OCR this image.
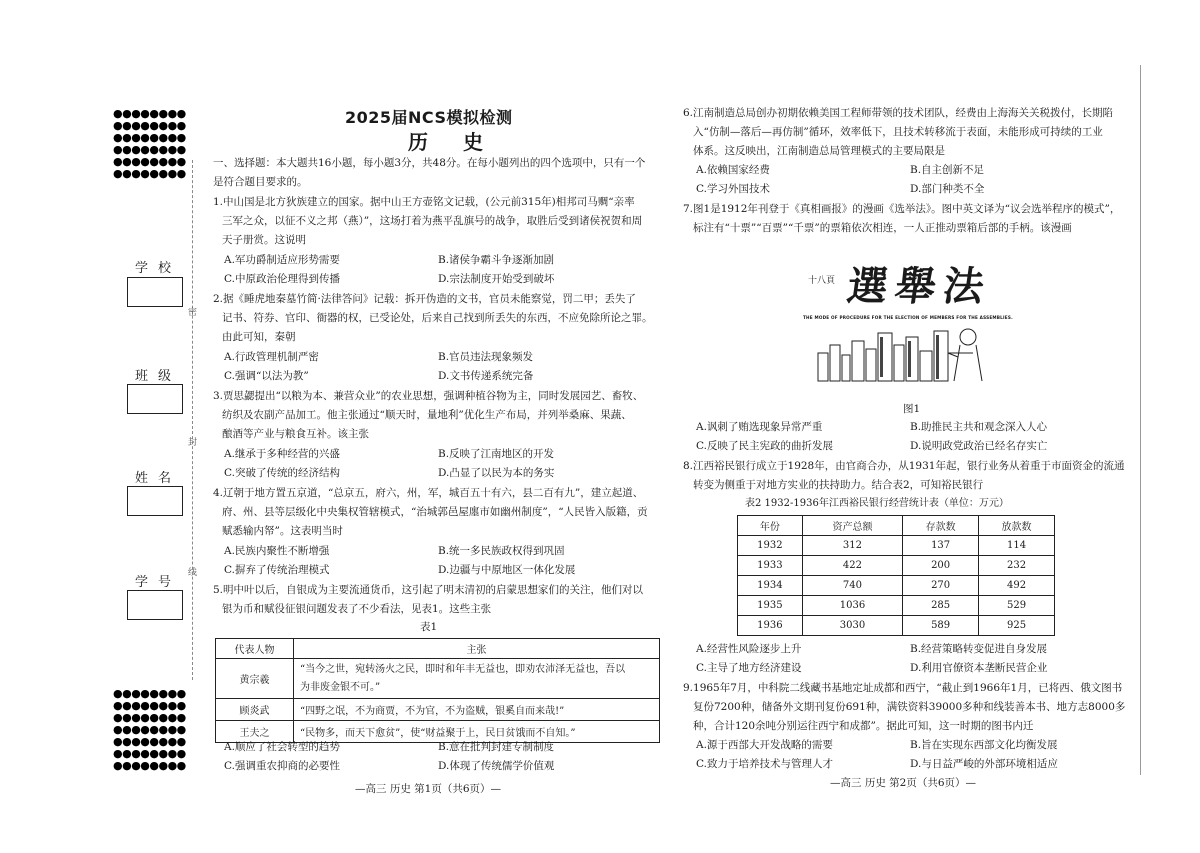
●●●●●●●●
●●●●●●●●
●●●●●●●●
●●●●●●●●
●●●●●●●●
●●●●●●●●
学校
班级
姓名
学号
密
封
线
●●●●●●●●
●●●●●●●●
●●●●●●●●
●●●●●●●●
●●●●●●●●
●●●●●●●●
●●●●●●●●
2025届NCS模拟检测
历 史
一、选择题：本大题共16小题，每小题3分，共48分。在每小题列出的四个选项中，只有一个
是符合题目要求的。
1.中山国是北方狄族建立的国家。据中山王方壶铭文记载，(公元前315年)相邦司马赒“亲率
三军之众，以征不义之邦（燕）”，这场打着为燕平乱旗号的战争，取胜后受到诸侯祝贺和周
天子册赏。这说明
A.军功爵制适应形势需要	B.诸侯争霸斗争逐渐加剧
C.中原政治伦理得到传播	D.宗法制度开始受到破坏
2.据《睡虎地秦墓竹简·法律答问》记载：拆开伪造的文书，官员未能察觉，罚二甲；丢失了
记书、符券、官印、衙器的权，已受论处，后来自己找到所丢失的东西，不应免除所论之罪。
由此可知，秦朝
A.行政管理机制严密	B.官员违法现象频发
C.强调“以法为教”	D.文书传递系统完备
3.贾思勰提出“以粮为本、兼营众业”的农业思想，强调种植谷物为主，同时发展园艺、畜牧、
纺织及农副产品加工。他主张通过“顺天时，量地利”优化生产布局，并列举桑麻、果蔬、
酿酒等产业与粮食互补。该主张
A.继承于多种经营的兴盛	B.反映了江南地区的开发
C.突破了传统的经济结构	D.凸显了以民为本的务实
4.辽朝于地方置五京道，“总京五，府六，州，军，城百五十有六，县二百有九”，建立起道、
府、州、县等层级化中央集权管辖模式，“治城郭邑屋廛市如幽州制度”，“人民皆入版籍，贡
赋悉输内帑”。这表明当时
A.民族内聚性不断增强	B.统一多民族政权得到巩固
C.摒弃了传统治理模式	D.边疆与中原地区一体化发展
5.明中叶以后，自银成为主要流通货币，这引起了明末清初的启蒙思想家们的关注，他们对以
银为币和赋役征银问题发表了不少看法，见表1。这些主张
表1
代表人物	主张
黄宗羲	“当今之世，宛转汤火之民，即时和年丰无益也，即劝农沛泽无益也，吾以
为非废金银不可。”

顾炎武	“四野之氓，不为商贾，不为官，不为盗贼，银奚自而来哉!”
王夫之	“民物多，而天下愈贫”，使“财益聚于上，民日贫饿而不自知。”
A.顺应了社会转型的趋势	B.意在批判封建专制制度
C.强调重农抑商的必要性	D.体现了传统儒学价值观
—高三 历史 第1页（共6页）—
6.江南制造总局创办初期依赖美国工程师带领的技术团队，经费由上海海关关税拨付，长期陷
入“仿制—落后—再仿制”循环，效率低下，且技术转移流于表面，未能形成可持续的工业
体系。这反映出，江南制造总局管理模式的主要局限是
A.依赖国家经费	B.自主创新不足
C.学习外国技术	D.部门种类不全
7.图1是1912年刊登于《真相画报》的漫画《选举法》。图中英文译为“议会选举程序的模式”，
标注有“十票”“百票”“千票”的票箱依次相连，一人正推动票箱后部的手柄。该漫画
十八頁 選舉法
THE MODE OF PROCEDURE FOR THE ELECTION OF MEMBERS FOR THE ASSEMBLIES.
图1
A.讽刺了贿选现象异常严重	B.助推民主共和观念深入人心
C.反映了民主宪政的曲折发展	D.说明政党政治已经名存实亡
8.江西裕民银行成立于1928年，由官商合办，从1931年起，银行业务从着重于市面资金的流通
转变为侧重于对地方实业的扶持助力。结合表2，可知裕民银行
表2 1932-1936年江西裕民银行经营统计表（单位：万元）
年份	资产总额	存款数	放款数
1932	312	137	114
1933	422	200	232
1934	740	270	492
1935	1036	285	529
1936	3030	589	925
A.经营性风险逐步上升	B.经营策略转变促进自身发展
C.主导了地方经济建设	D.利用官僚资本垄断民营企业
9.1965年7月，中科院二线藏书基地定址成都和西宁，“截止到1966年1月，已将西、俄文图书
复份7200种，储备外文期刊复份691种，满铁资料39000多种和线装善本书、地方志8000多
种，合计120余吨分别运往西宁和成都”。据此可知，这一时期的图书内迁
A.源于西部大开发战略的需要	B.旨在实现东西部文化均衡发展
C.致力于培养技术与管理人才	D.与日益严峻的外部环境相适应
—高三 历史 第2页（共6页）—
